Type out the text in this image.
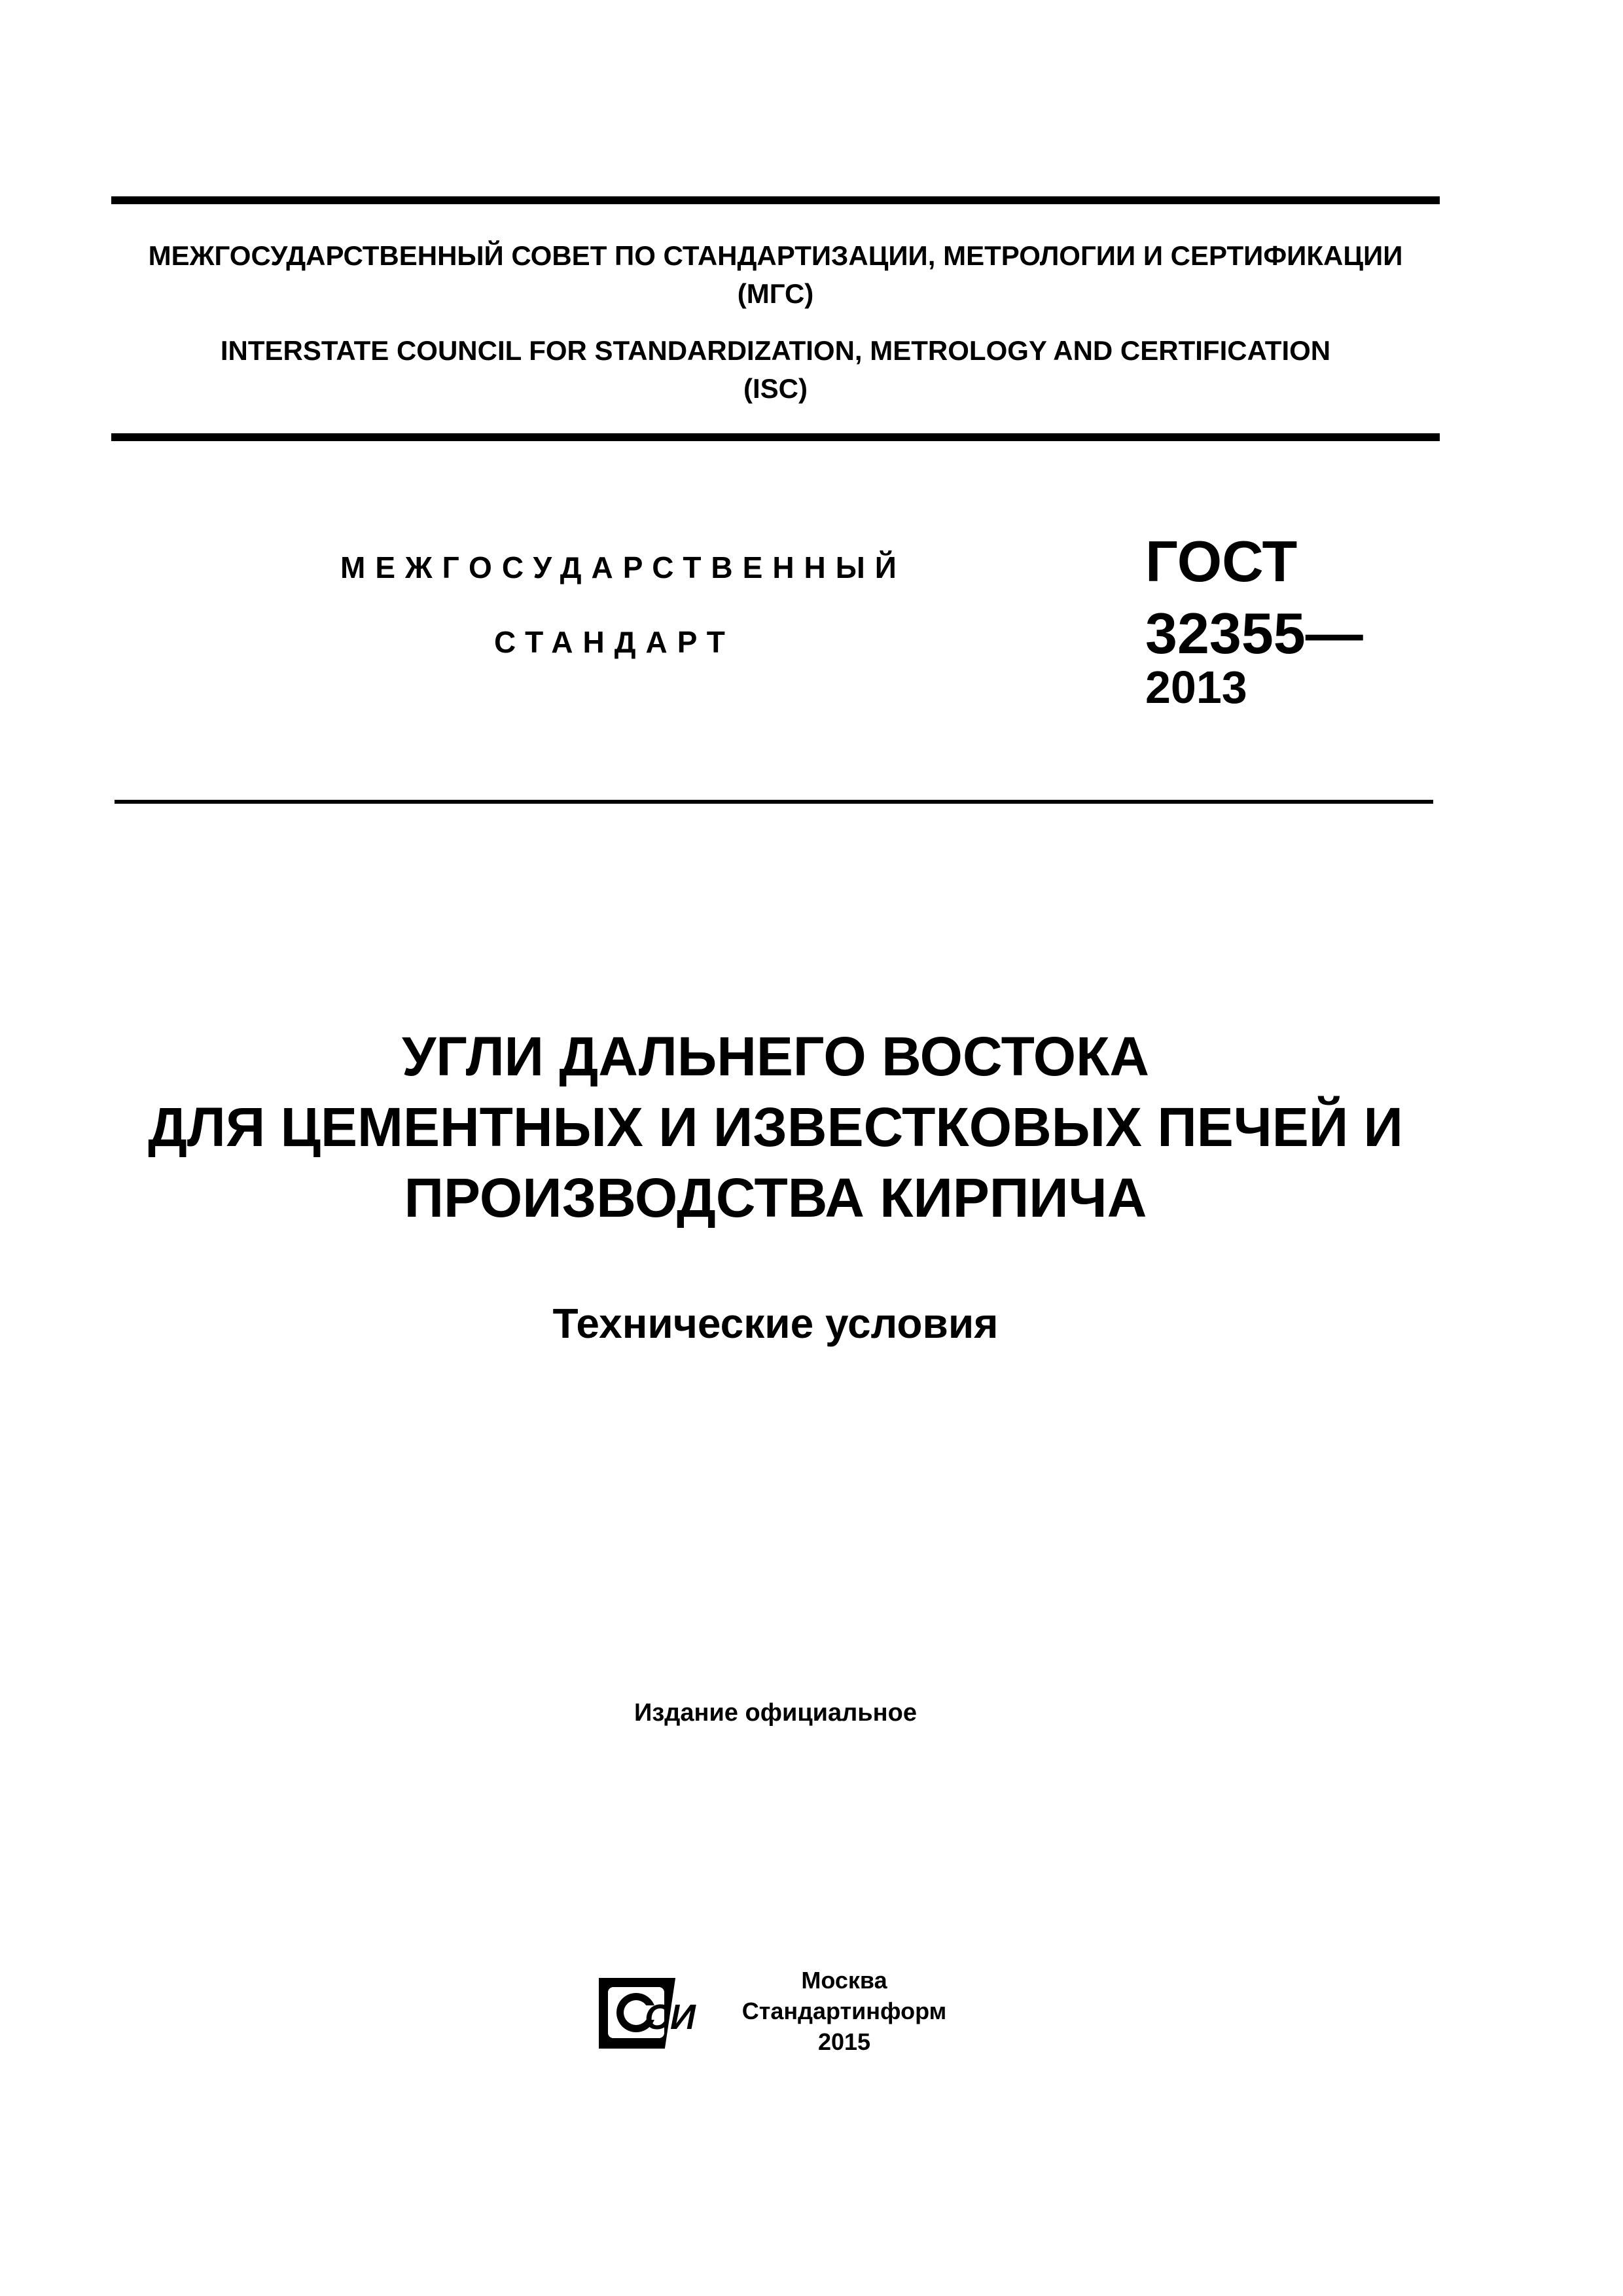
МЕЖГОСУДАРСТВЕННЫЙ СОВЕТ ПО СТАНДАРТИЗАЦИИ, МЕТРОЛОГИИ И СЕРТИФИКАЦИИ
(МГС)
INTERSTATE COUNCIL FOR STANDARDIZATION, METROLOGY AND CERTIFICATION
(ISC)
МЕЖГОСУДАРСТВЕННЫЙ
СТАНДАРТ
ГОСТ
32355—
2013
УГЛИ ДАЛЬНЕГО ВОСТОКА
ДЛЯ ЦЕМЕНТНЫХ И ИЗВЕСТКОВЫХ ПЕЧЕЙ И
ПРОИЗВОДСТВА КИРПИЧА
Технические условия
Издание официальное
СИ
Москва
Стандартинформ
2015
